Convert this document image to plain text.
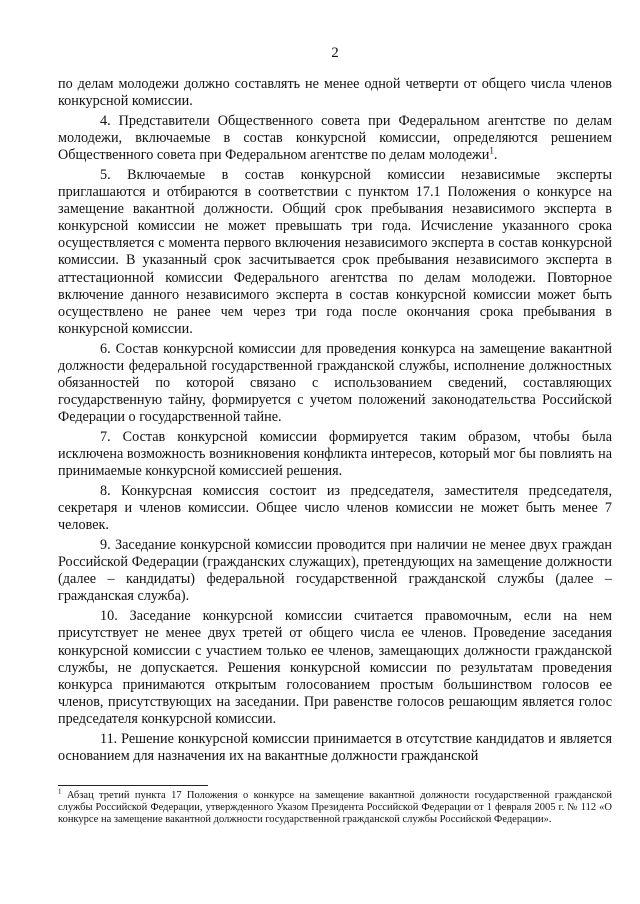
2

по делам молодежи должно составлять не менее одной четверти от общего числа членов конкурсной комиссии.

4. Представители Общественного совета при Федеральном агентстве по делам молодежи, включаемые в состав конкурсной комиссии, определяются решением Общественного совета при Федеральном агентстве по делам молодежи$^1$.

5. Включаемые в состав конкурсной комиссии независимые эксперты приглашаются и отбираются в соответствии с пунктом 17.1 Положения о конкурсе на замещение вакантной должности. Общий срок пребывания независимого эксперта в конкурсной комиссии не может превышать три года. Исчисление указанного срока осуществляется с момента первого включения независимого эксперта в состав конкурсной комиссии. В указанный срок засчитывается срок пребывания независимого эксперта в аттестационной комиссии Федерального агентства по делам молодежи. Повторное включение данного независимого эксперта в состав конкурсной комиссии может быть осуществлено не ранее чем через три года после окончания срока пребывания в конкурсной комиссии.

6. Состав конкурсной комиссии для проведения конкурса на замещение вакантной должности федеральной государственной гражданской службы, исполнение должностных обязанностей по которой связано с использованием сведений, составляющих государственную тайну, формируется с учетом положений законодательства Российской Федерации о государственной тайне.

7. Состав конкурсной комиссии формируется таким образом, чтобы была исключена возможность возникновения конфликта интересов, который мог бы повлиять на принимаемые конкурсной комиссией решения.

8. Конкурсная комиссия состоит из председателя, заместителя председателя, секретаря и членов комиссии. Общее число членов комиссии не может быть менее 7 человек.

9. Заседание конкурсной комиссии проводится при наличии не менее двух граждан Российской Федерации (гражданских служащих), претендующих на замещение должности (далее – кандидаты) федеральной государственной гражданской службы (далее – гражданская служба).

10. Заседание конкурсной комиссии считается правомочным, если на нем присутствует не менее двух третей от общего числа ее членов. Проведение заседания конкурсной комиссии с участием только ее членов, замещающих должности гражданской службы, не допускается. Решения конкурсной комиссии по результатам проведения конкурса принимаются открытым голосованием простым большинством голосов ее членов, присутствующих на заседании. При равенстве голосов решающим является голос председателя конкурсной комиссии.

11. Решение конкурсной комиссии принимается в отсутствие кандидатов и является основанием для назначения их на вакантные должности гражданской

$^1$ Абзац третий пункта 17 Положения о конкурсе на замещение вакантной должности государственной гражданской службы Российской Федерации, утвержденного Указом Президента Российской Федерации от 1 февраля 2005 г. № 112 «О конкурсе на замещение вакантной должности государственной гражданской службы Российской Федерации».
